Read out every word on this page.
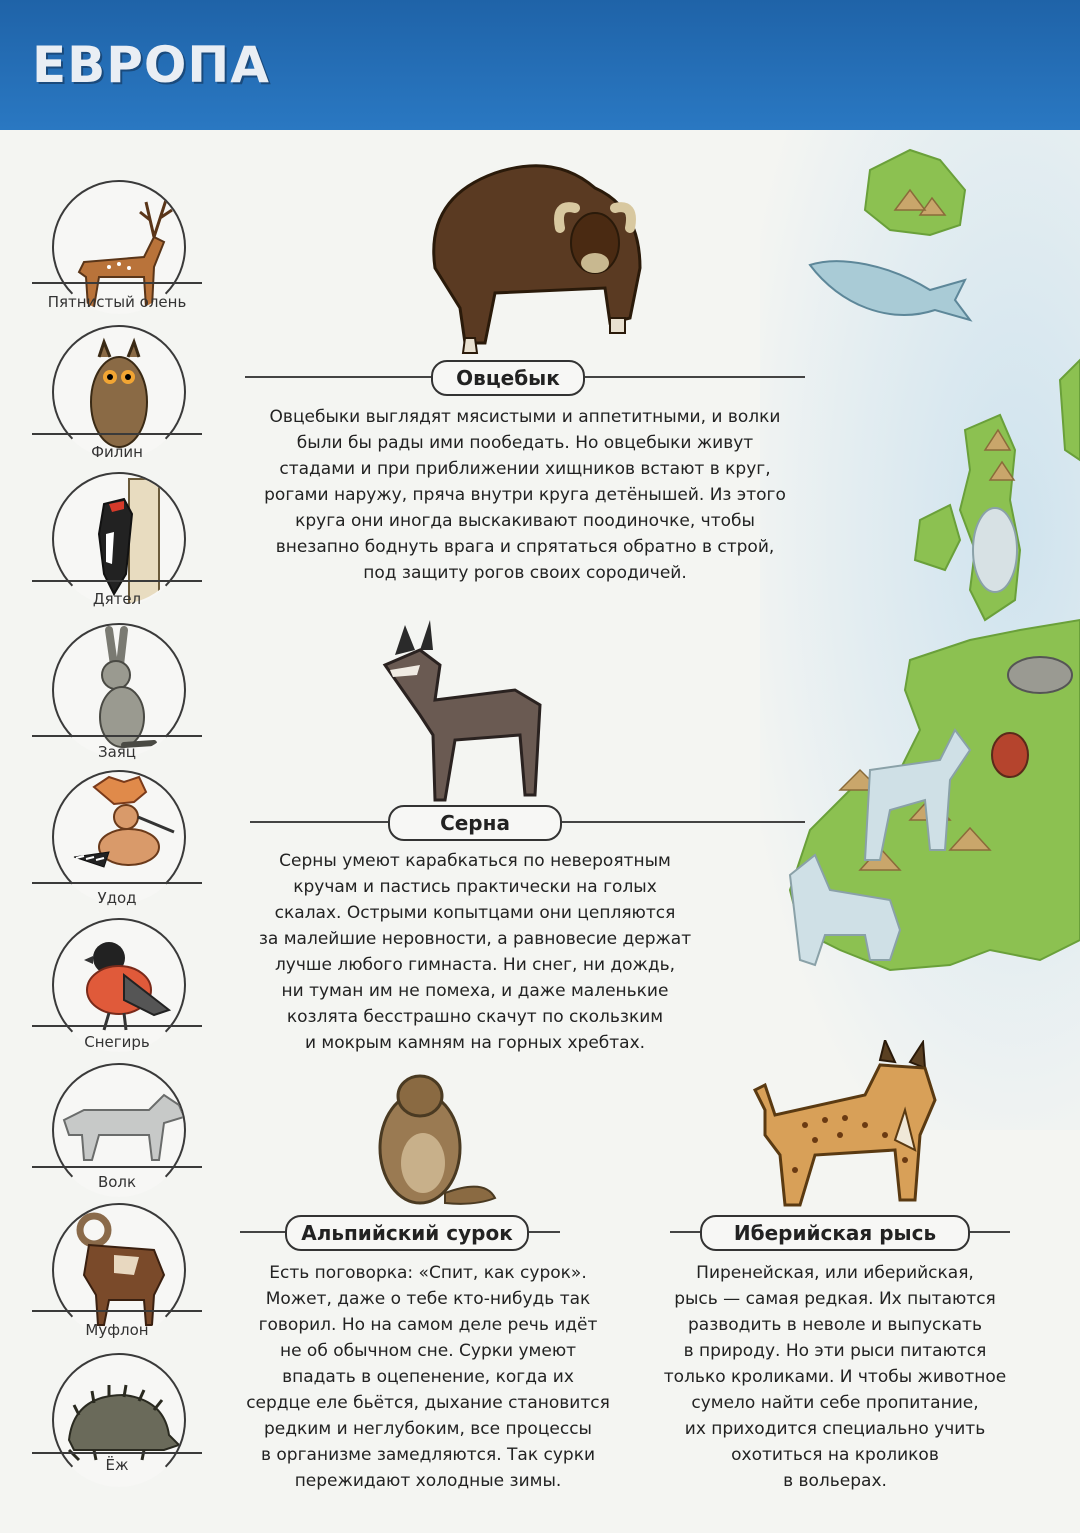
ЕВРОПА
Пятнистый олень
Филин
Дятел
Заяц
Удод
Снегирь
Волк
Муфлон
Ёж
Овцебык
Овцебыки выглядят мясистыми и аппетитными, и волки
были бы рады ими пообедать. Но овцебыки живут
стадами и при приближении хищников встают в круг,
рогами наружу, пряча внутри круга детёнышей. Из этого
круга они иногда выскакивают поодиночке, чтобы
внезапно боднуть врага и спрятаться обратно в строй,
под защиту рогов своих сородичей.
Серна
Серны умеют карабкаться по невероятным
кручам и пастись практически на голых
скалах. Острыми копытцами они цепляются
за малейшие неровности, а равновесие держат
лучше любого гимнаста. Ни снег, ни дождь,
ни туман им не помеха, и даже маленькие
козлята бесстрашно скачут по скользким
и мокрым камням на горных хребтах.
Альпийский сурок
Есть поговорка: «Спит, как сурок».
Может, даже о тебе кто-нибудь так
говорил. Но на самом деле речь идёт
не об обычном сне. Сурки умеют
впадать в оцепенение, когда их
сердце еле бьётся, дыхание становится
редким и неглубоким, все процессы
в организме замедляются. Так сурки
пережидают холодные зимы.
Иберийская рысь
Пиренейская, или иберийская,
рысь — самая редкая. Их пытаются
разводить в неволе и выпускать
в природу. Но эти рыси питаются
только кроликами. И чтобы животное
сумело найти себе пропитание,
их приходится специально учить
охотиться на кроликов
в вольерах.
